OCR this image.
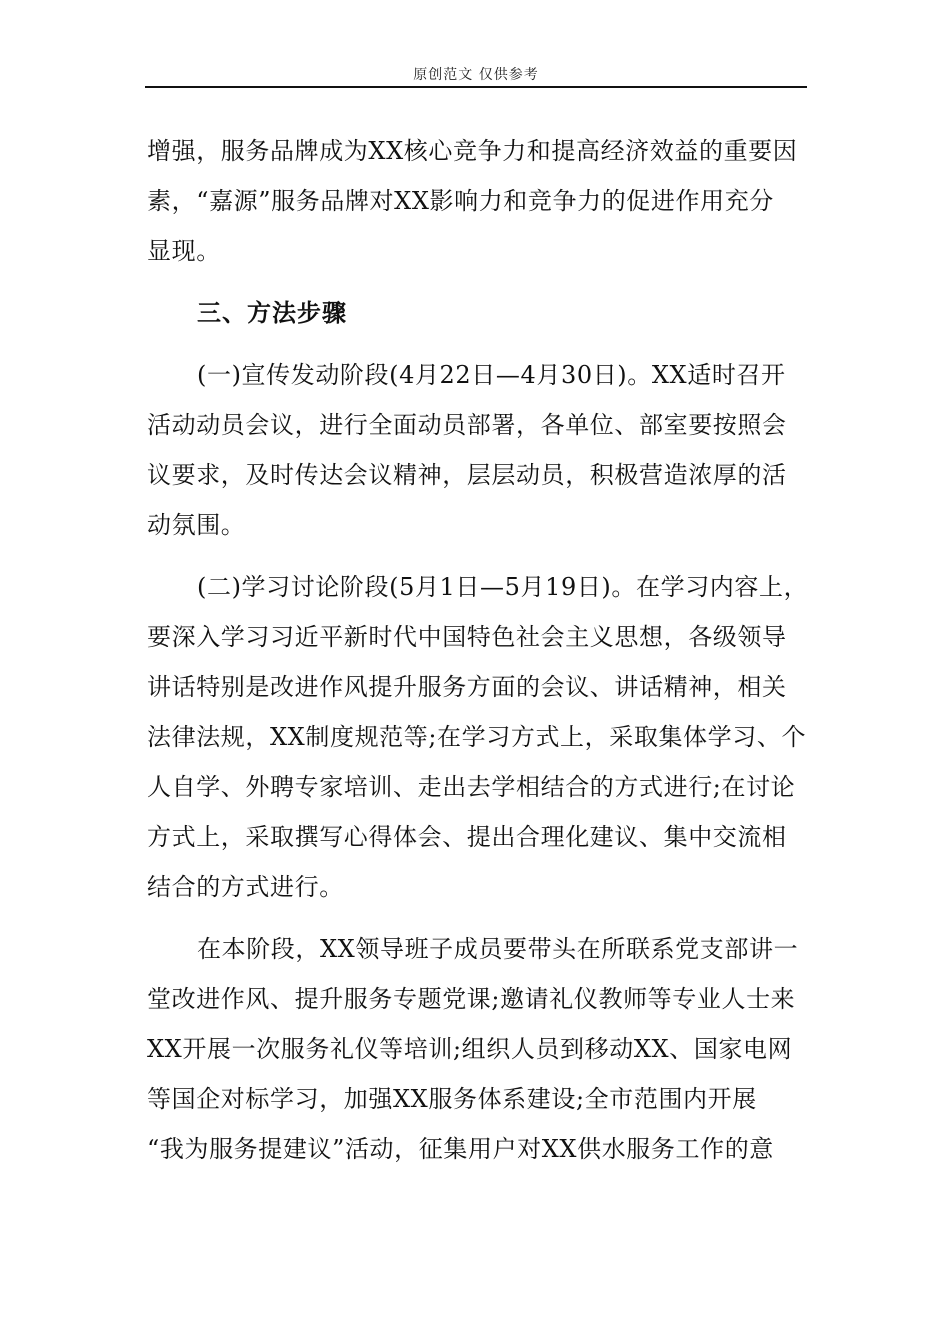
原创范文 仅供参考
增强，服务品牌成为XX核心竞争力和提高经济效益的重要因
素，“嘉源”服务品牌对XX影响力和竞争力的促进作用充分
显现。
三、方法步骤
(一)宣传发动阶段(4月22日—4月30日)。XX适时召开
活动动员会议，进行全面动员部署，各单位、部室要按照会
议要求，及时传达会议精神，层层动员，积极营造浓厚的活
动氛围。
(二)学习讨论阶段(5月1日—5月19日)。在学习内容上，
要深入学习习近平新时代中国特色社会主义思想，各级领导
讲话特别是改进作风提升服务方面的会议、讲话精神，相关
法律法规，XX制度规范等;在学习方式上，采取集体学习、个
人自学、外聘专家培训、走出去学相结合的方式进行;在讨论
方式上，采取撰写心得体会、提出合理化建议、集中交流相
结合的方式进行。
在本阶段，XX领导班子成员要带头在所联系党支部讲一
堂改进作风、提升服务专题党课;邀请礼仪教师等专业人士来
XX开展一次服务礼仪等培训;组织人员到移动XX、国家电网
等国企对标学习，加强XX服务体系建设;全市范围内开展
“我为服务提建议”活动，征集用户对XX供水服务工作的意
